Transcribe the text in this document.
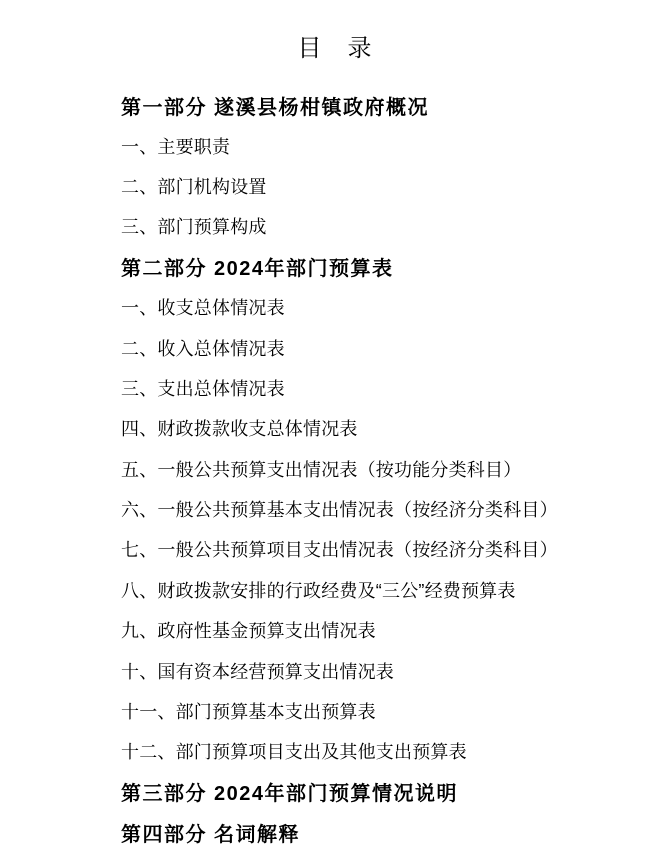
目　录
第一部分 遂溪县杨柑镇政府概况
一、主要职责
二、部门机构设置
三、部门预算构成
第二部分 2024年部门预算表
一、收支总体情况表
二、收入总体情况表
三、支出总体情况表
四、财政拨款收支总体情况表
五、一般公共预算支出情况表（按功能分类科目）
六、一般公共预算基本支出情况表（按经济分类科目）
七、一般公共预算项目支出情况表（按经济分类科目）
八、财政拨款安排的行政经费及“三公”经费预算表
九、政府性基金预算支出情况表
十、国有资本经营预算支出情况表
十一、部门预算基本支出预算表
十二、部门预算项目支出及其他支出预算表
第三部分 2024年部门预算情况说明
第四部分 名词解释
